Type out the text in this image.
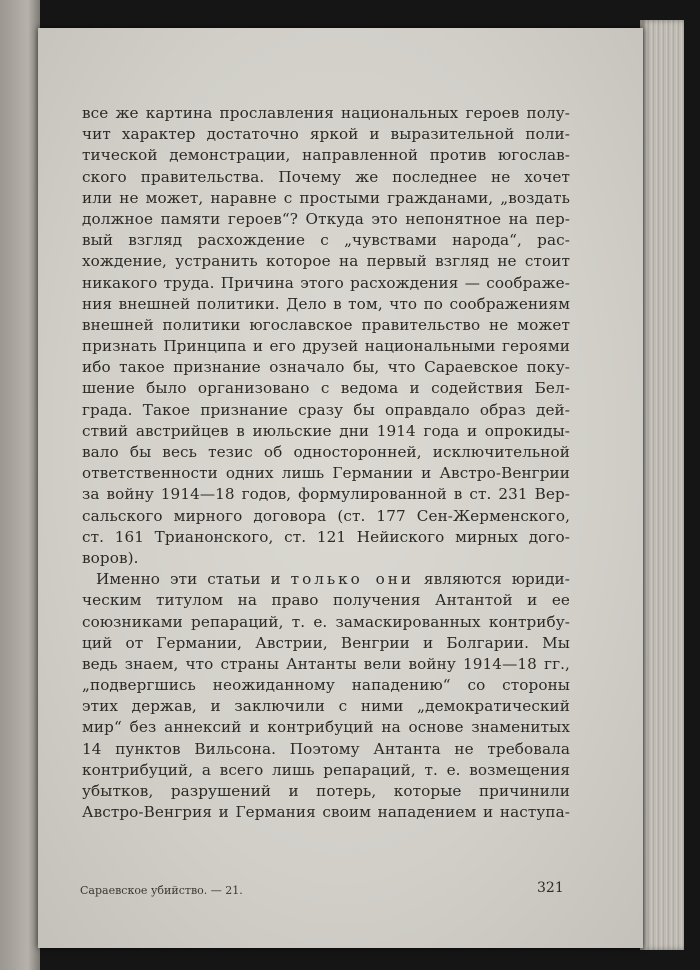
все же картина прославления национальных героев полу-
чит характер достаточно яркой и выразительной поли-
тической демонстрации, направленной против югослав-
ского правительства. Почему же последнее не хочет
или не может, наравне с простыми гражданами, „воздать
должное памяти героев“? Откуда это непонятное на пер-
вый взгляд расхождение с „чувствами народа“, рас-
хождение, устранить которое на первый взгляд не стоит
никакого труда. Причина этого расхождения — соображе-
ния внешней политики. Дело в том, что по соображениям
внешней политики югославское правительство не может
признать Принципа и его друзей национальными героями
ибо такое признание означало бы, что Сараевское поку-
шение было организовано с ведома и содействия Бел-
града. Такое признание сразу бы оправдало образ дей-
ствий австрийцев в июльские дни 1914 года и опрокиды-
вало бы весь тезис об односторонней, исключительной
ответственности одних лишь Германии и Австро-Венгрии
за войну 1914—18 годов, формулированной в ст. 231 Вер-
сальского мирного договора (ст. 177 Сен-Жерменского,
ст. 161 Трианонского, ст. 121 Нейиского мирных дого-
воров).
Именно эти статьи и только они являются юриди-
ческим титулом на право получения Антантой и ее
союзниками репараций, т. е. замаскированных контрибу-
ций от Германии, Австрии, Венгрии и Болгарии. Мы
ведь знаем, что страны Антанты вели войну 1914—18 гг.,
„подвергшись неожиданному нападению“ со стороны
этих держав, и заключили с ними „демократический
мир“ без аннексий и контрибуций на основе знаменитых
14 пунктов Вильсона. Поэтому Антанта не требовала
контрибуций, а всего лишь репараций, т. е. возмещения
убытков, разрушений и потерь, которые причинили
Австро-Венгрия и Германия своим нападением и наступа-
Сараевское убийство. — 21.	321
